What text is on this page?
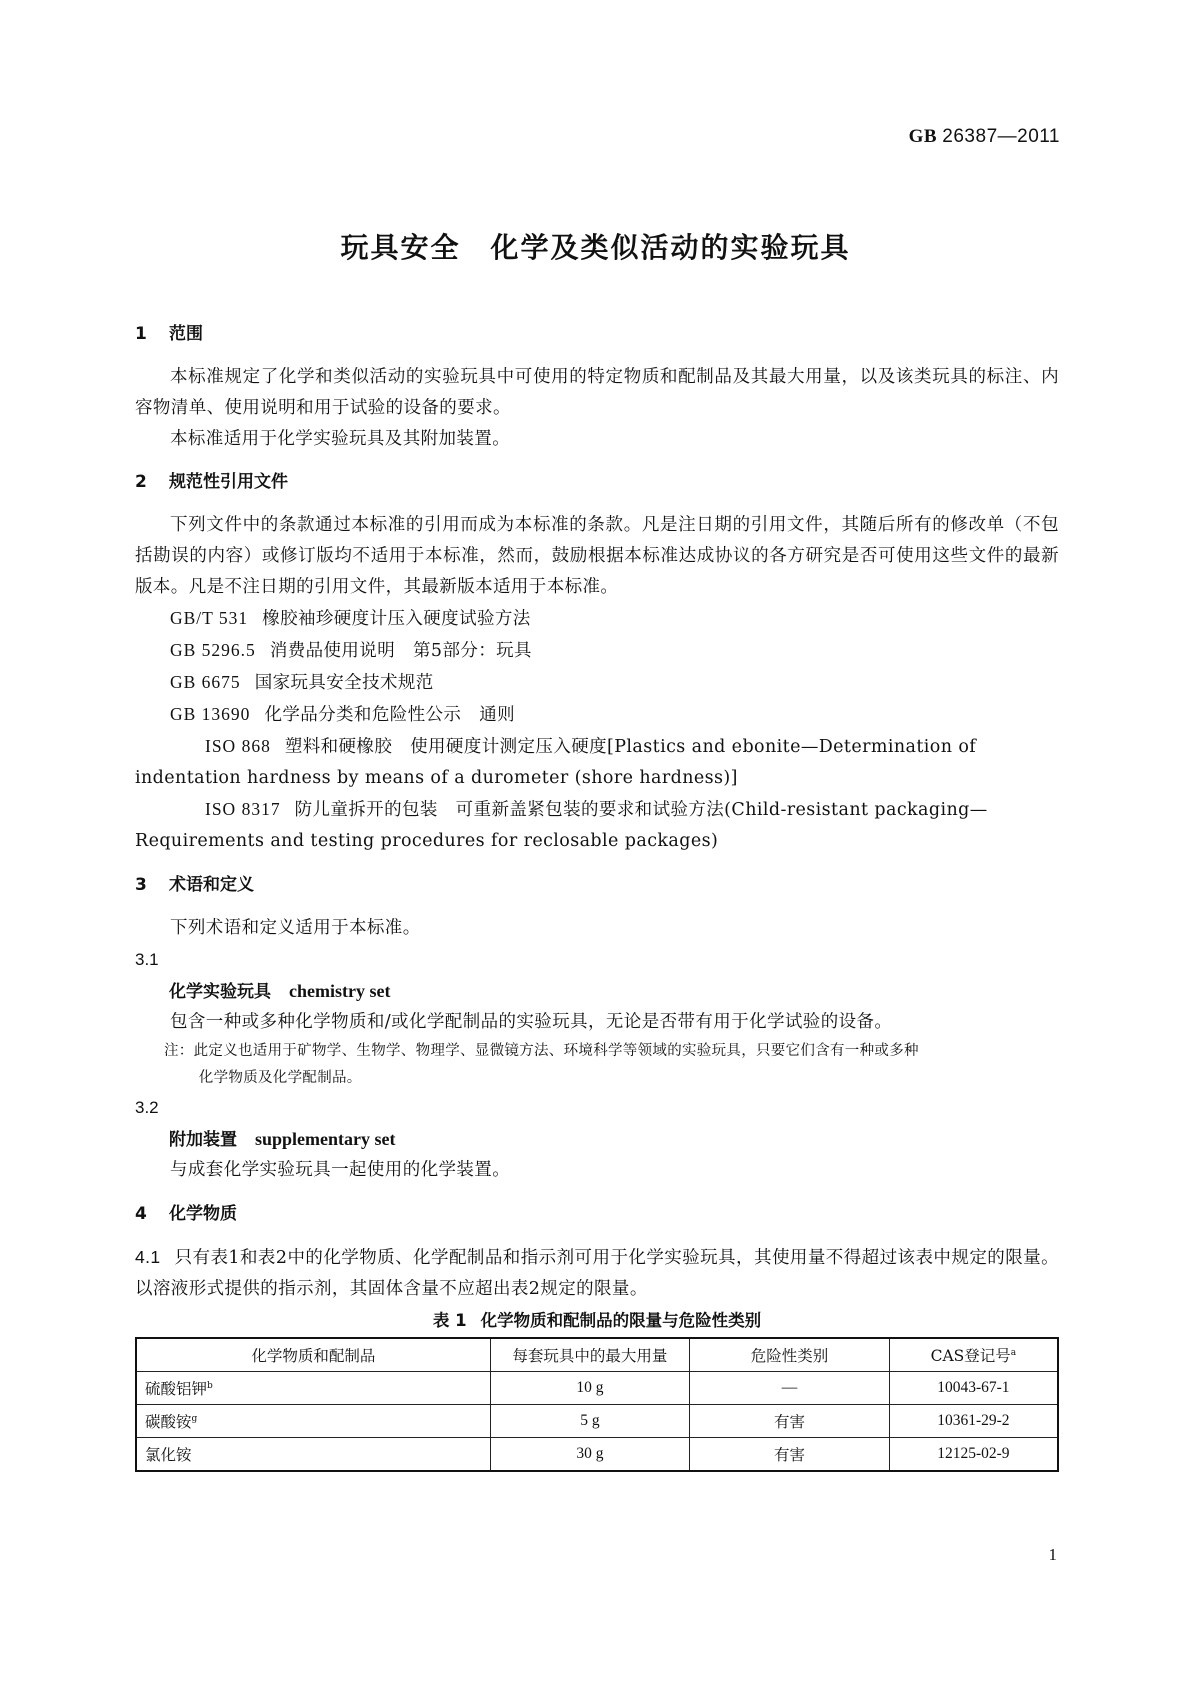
GB 26387—2011
玩具安全 化学及类似活动的实验玩具
1 范围

本标准规定了化学和类似活动的实验玩具中可使用的特定物质和配制品及其最大用量，以及该类玩具的标注、内容物清单、使用说明和用于试验的设备的要求。

本标准适用于化学实验玩具及其附加装置。

2 规范性引用文件

下列文件中的条款通过本标准的引用而成为本标准的条款。凡是注日期的引用文件，其随后所有的修改单（不包括勘误的内容）或修订版均不适用于本标准，然而，鼓励根据本标准达成协议的各方研究是否可使用这些文件的最新版本。凡是不注日期的引用文件，其最新版本适用于本标准。

GB/T 531 橡胶袖珍硬度计压入硬度试验方法

GB 5296.5 消费品使用说明　第5部分：玩具

GB 6675 国家玩具安全技术规范

GB 13690 化学品分类和危险性公示　通则

ISO 868 塑料和硬橡胶　使用硬度计测定压入硬度[Plastics and ebonite—Determination of indentation hardness by means of a durometer (shore hardness)]

ISO 8317 防儿童拆开的包装　可重新盖紧包装的要求和试验方法(Child-resistant packaging—Requirements and testing procedures for reclosable packages)

3 术语和定义

下列术语和定义适用于本标准。

3.1

化学实验玩具 chemistry set

包含一种或多种化学物质和/或化学配制品的实验玩具，无论是否带有用于化学试验的设备。

注：此定义也适用于矿物学、生物学、物理学、显微镜方法、环境科学等领域的实验玩具，只要它们含有一种或多种
化学物质及化学配制品。

3.2

附加装置 supplementary set

与成套化学实验玩具一起使用的化学装置。

4 化学物质

4.1 只有表1和表2中的化学物质、化学配制品和指示剂可用于化学实验玩具，其使用量不得超过该表中规定的限量。以溶液形式提供的指示剂，其固体含量不应超出表2规定的限量。

表 1 化学物质和配制品的限量与危险性类别

化学物质和配制品	每套玩具中的最大用量	危险性类别	CAS登记号$^a$
硫酸铝钾$^b$	10 g	—	10043-67-1
碳酸铵$^g$	5 g	有害	10361-29-2
氯化铵	30 g	有害	12125-02-9
1
